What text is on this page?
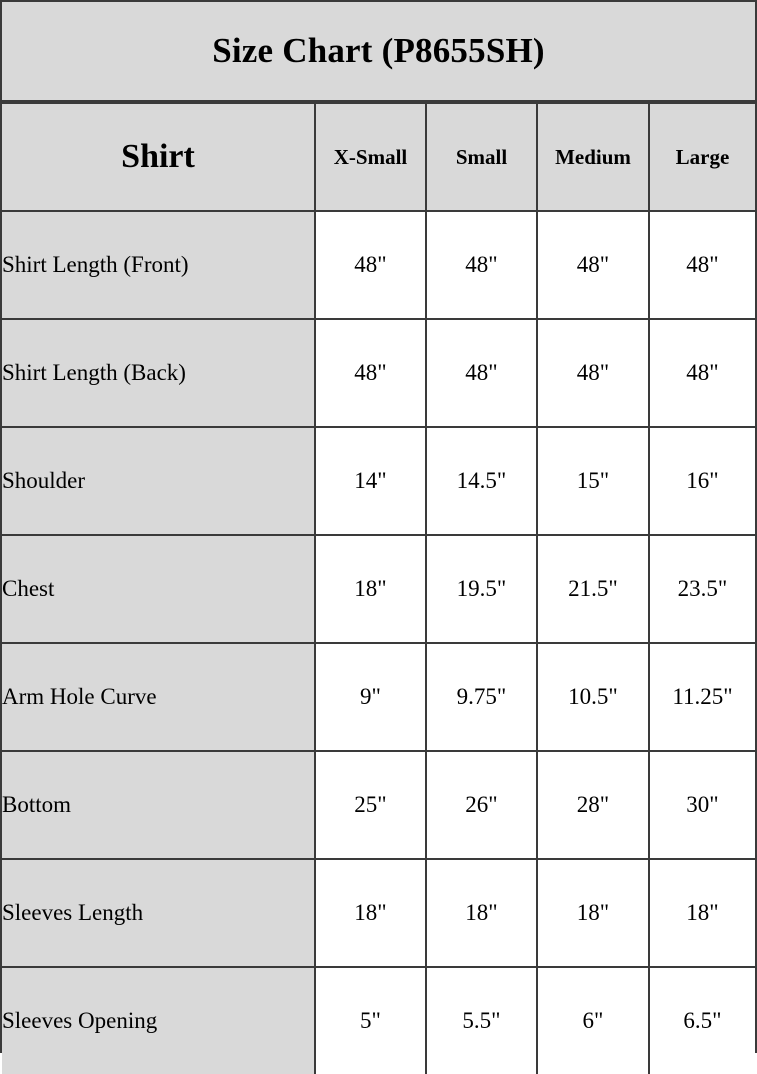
Size Chart (P8655SH)
Shirt	X-Small	Small	Medium	Large
Shirt Length (Front)	48"	48"	48"	48"
Shirt Length (Back)	48"	48"	48"	48"
Shoulder	14"	14.5"	15"	16"
Chest	18"	19.5"	21.5"	23.5"
Arm Hole Curve	9"	9.75"	10.5"	11.25"
Bottom	25"	26"	28"	30"
Sleeves Length	18"	18"	18"	18"
Sleeves Opening	5"	5.5"	6"	6.5"
